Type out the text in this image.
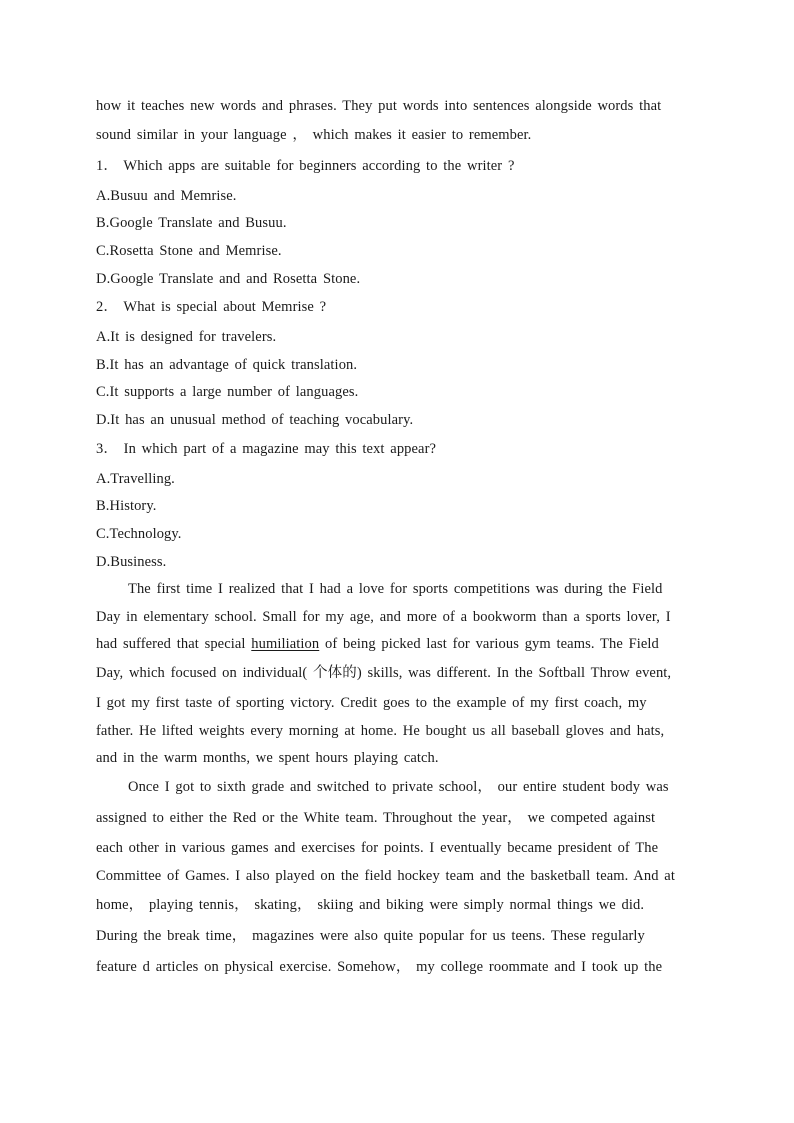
how it teaches new words and phrases. They put words into sentences alongside words that
sound similar in your language ， which makes it easier to remember.
1． Which apps are suitable for beginners according to the writer ?
A.Busuu and Memrise.
B.Google Translate and Busuu.
C.Rosetta Stone and Memrise.
D.Google Translate and and Rosetta Stone.
2． What is special about Memrise ?
A.It is designed for travelers.
B.It has an advantage of quick translation.
C.It supports a large number of languages.
D.It has an unusual method of teaching vocabulary.
3． In which part of a magazine may this text appear?
A.Travelling.
B.History.
C.Technology.
D.Business.
The first time I realized that I had a love for sports competitions was during the Field
Day in elementary school. Small for my age, and more of a bookworm than a sports lover, I
had suffered that special humiliation of being picked last for various gym teams. The Field
Day, which focused on individual( 个体的) skills, was different. In the Softball Throw event,
I got my first taste of sporting victory. Credit goes to the example of my first coach, my
father. He lifted weights every morning at home. He bought us all baseball gloves and hats,
and in the warm months, we spent hours playing catch.
Once I got to sixth grade and switched to private school， our entire student body was
assigned to either the Red or the White team. Throughout the year， we competed against
each other in various games and exercises for points. I eventually became president of The
Committee of Games. I also played on the field hockey team and the basketball team. And at
home， playing tennis， skating， skiing and biking were simply normal things we did.
During the break time， magazines were also quite popular for us teens. These regularly
feature d articles on physical exercise. Somehow， my college roommate and I took up the
